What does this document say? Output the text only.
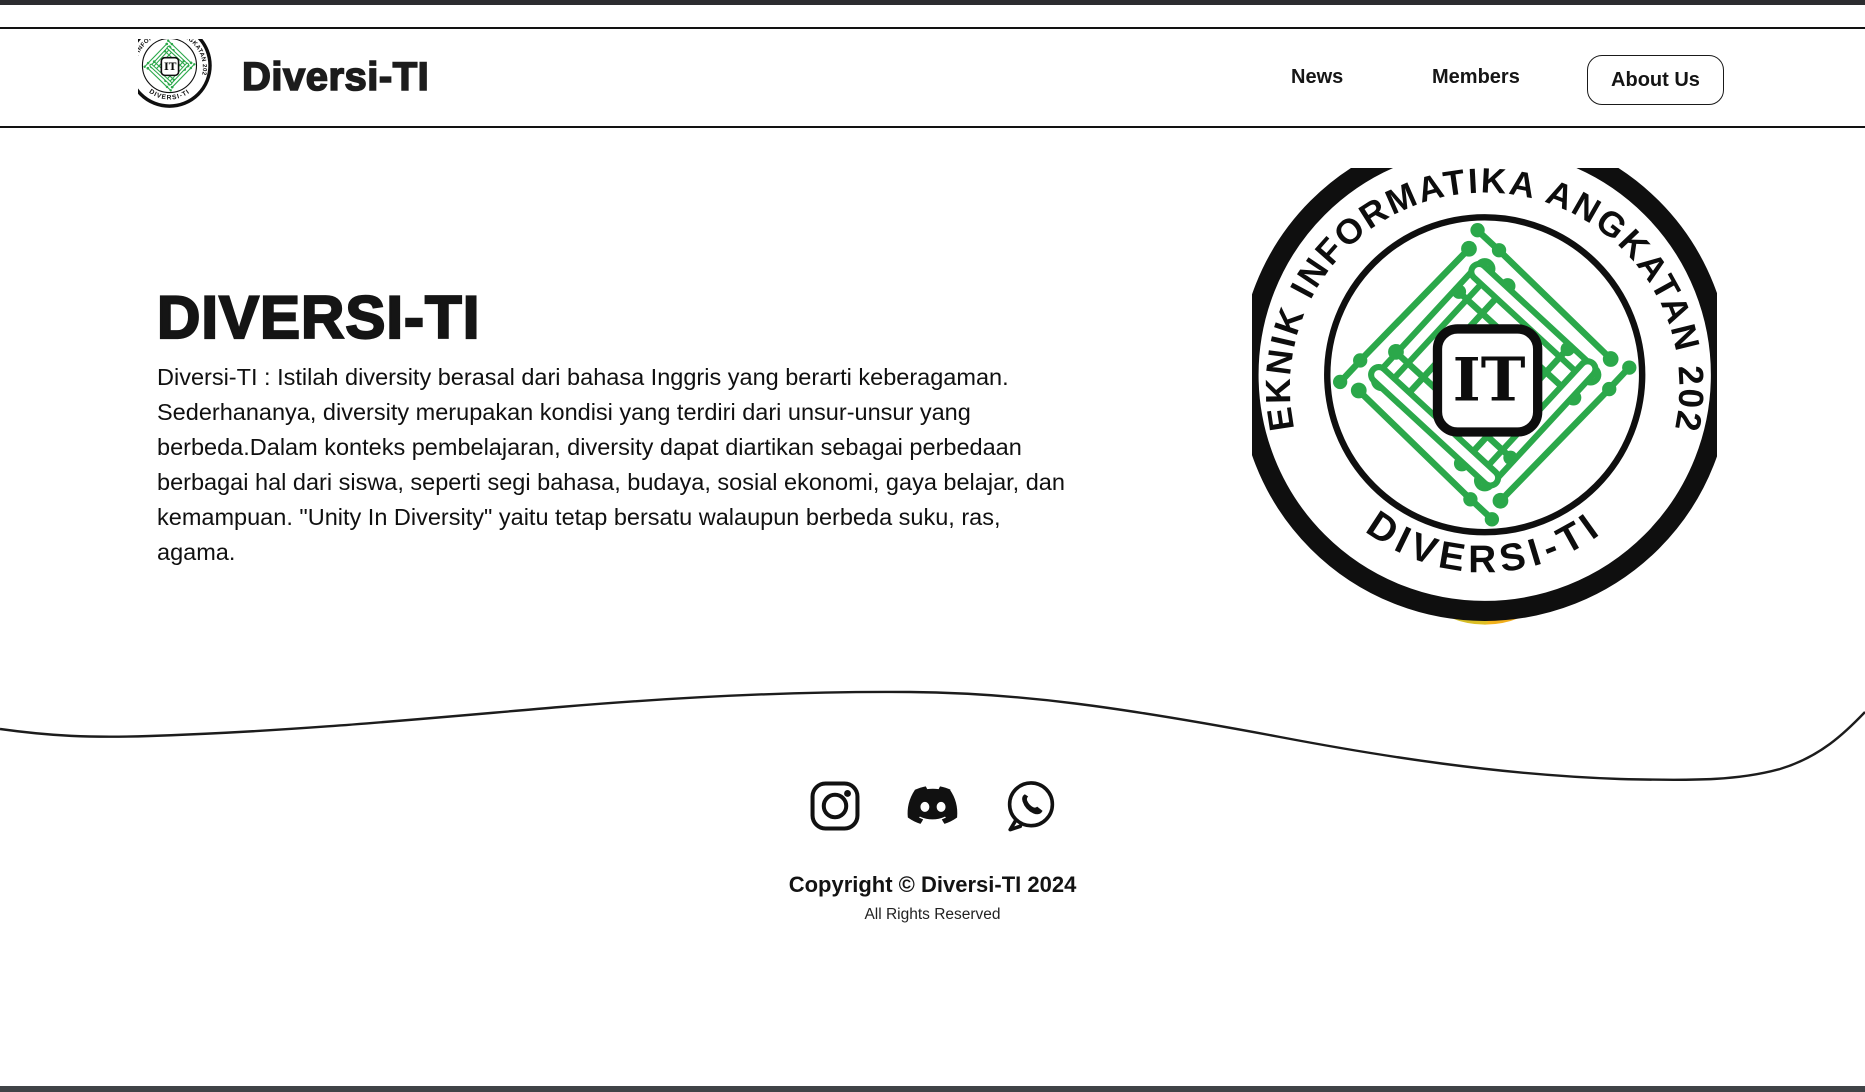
Diversi-TI	News	Members	About Us
DIVERSI-TI

Diversi-TI : Istilah diversity berasal dari bahasa Inggris yang berarti keberagaman. Sederhananya, diversity merupakan kondisi yang terdiri dari unsur-unsur yang berbeda.Dalam konteks pembelajaran, diversity dapat diartikan sebagai perbedaan berbagai hal dari siswa, seperti segi bahasa, budaya, sosial ekonomi, gaya belajar, dan kemampuan. "Unity In Diversity" yaitu tetap bersatu walaupun berbeda suku, ras, agama.

Copyright © Diversi-TI 2024
All Rights Reserved
